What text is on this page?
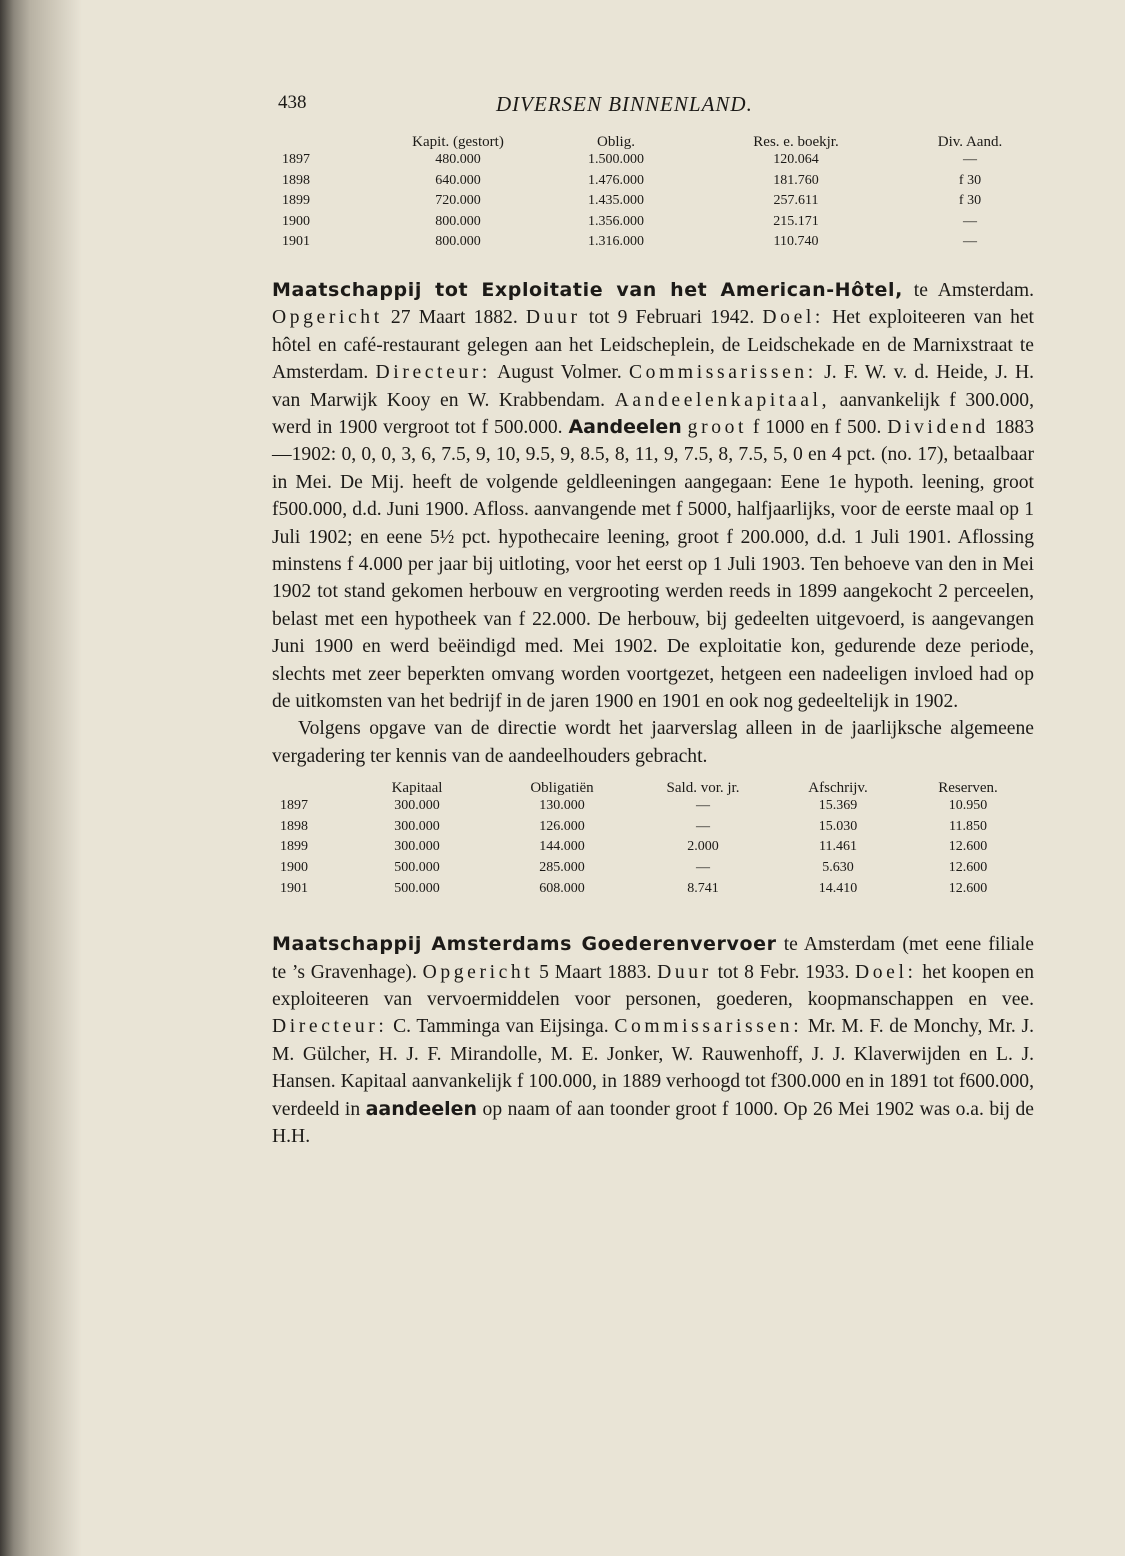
438	DIVERSEN BINNENLAND.
	Kapit. (gestort)	Oblig.	Res. e. boekjr.	Div. Aand.
1897	480.000	1.500.000	120.064	—
1898	640.000	1.476.000	181.760	f 30
1899	720.000	1.435.000	257.611	f 30
1900	800.000	1.356.000	215.171	—
1901	800.000	1.316.000	110.740	—

Maatschappij tot Exploitatie van het American-Hôtel, te Amsterdam. Opgericht 27 Maart 1882. Duur tot 9 Februari 1942. Doel: Het exploiteeren van het hôtel en café-restaurant gelegen aan het Leidscheplein, de Leidschekade en de Marnixstraat te Amsterdam. Directeur: August Volmer. Commissarissen: J. F. W. v. d. Heide, J. H. van Marwijk Kooy en W. Krabbendam. Aandeelenkapitaal, aanvankelijk f 300.000, werd in 1900 vergroot tot f 500.000. Aandeelen groot f 1000 en f 500. Dividend 1883—1902: 0, 0, 0, 3, 6, 7.5, 9, 10, 9.5, 9, 8.5, 8, 11, 9, 7.5, 8, 7.5, 5, 0 en 4 pct. (no. 17), betaalbaar in Mei. De Mij. heeft de volgende geldleeningen aangegaan: Eene 1e hypoth. leening, groot f500.000, d.d. Juni 1900. Afloss. aanvangende met f 5000, halfjaarlijks, voor de eerste maal op 1 Juli 1902; en eene 5½ pct. hypothecaire leening, groot f 200.000, d.d. 1 Juli 1901. Aflossing minstens f 4.000 per jaar bij uitloting, voor het eerst op 1 Juli 1903. Ten behoeve van den in Mei 1902 tot stand gekomen herbouw en vergrooting werden reeds in 1899 aangekocht 2 perceelen, belast met een hypotheek van f 22.000. De herbouw, bij gedeelten uitgevoerd, is aangevangen Juni 1900 en werd beëindigd med. Mei 1902. De exploitatie kon, gedurende deze periode, slechts met zeer beperkten omvang worden voortgezet, hetgeen een nadeeligen invloed had op de uitkomsten van het bedrijf in de jaren 1900 en 1901 en ook nog gedeeltelijk in 1902.

Volgens opgave van de directie wordt het jaarverslag alleen in de jaarlijksche algemeene vergadering ter kennis van de aandeelhouders gebracht.

	Kapitaal	Obligatiën	Sald. vor. jr.	Afschrijv.	Reserven.
1897	300.000	130.000	—	15.369	10.950
1898	300.000	126.000	—	15.030	11.850
1899	300.000	144.000	2.000	11.461	12.600
1900	500.000	285.000	—	5.630	12.600
1901	500.000	608.000	8.741	14.410	12.600

Maatschappij Amsterdams Goederenvervoer te Amsterdam (met eene filiale te ’s Gravenhage). Opgericht 5 Maart 1883. Duur tot 8 Febr. 1933. Doel: het koopen en exploiteeren van vervoermiddelen voor personen, goederen, koopmanschappen en vee. Directeur: C. Tamminga van Eijsinga. Commissarissen: Mr. M. F. de Monchy, Mr. J. M. Gülcher, H. J. F. Mirandolle, M. E. Jonker, W. Rauwenhoff, J. J. Klaverwijden en L. J. Hansen. Kapitaal aanvankelijk f 100.000, in 1889 verhoogd tot f300.000 en in 1891 tot f600.000, verdeeld in aandeelen op naam of aan toonder groot f 1000. Op 26 Mei 1902 was o.a. bij de H.H.
